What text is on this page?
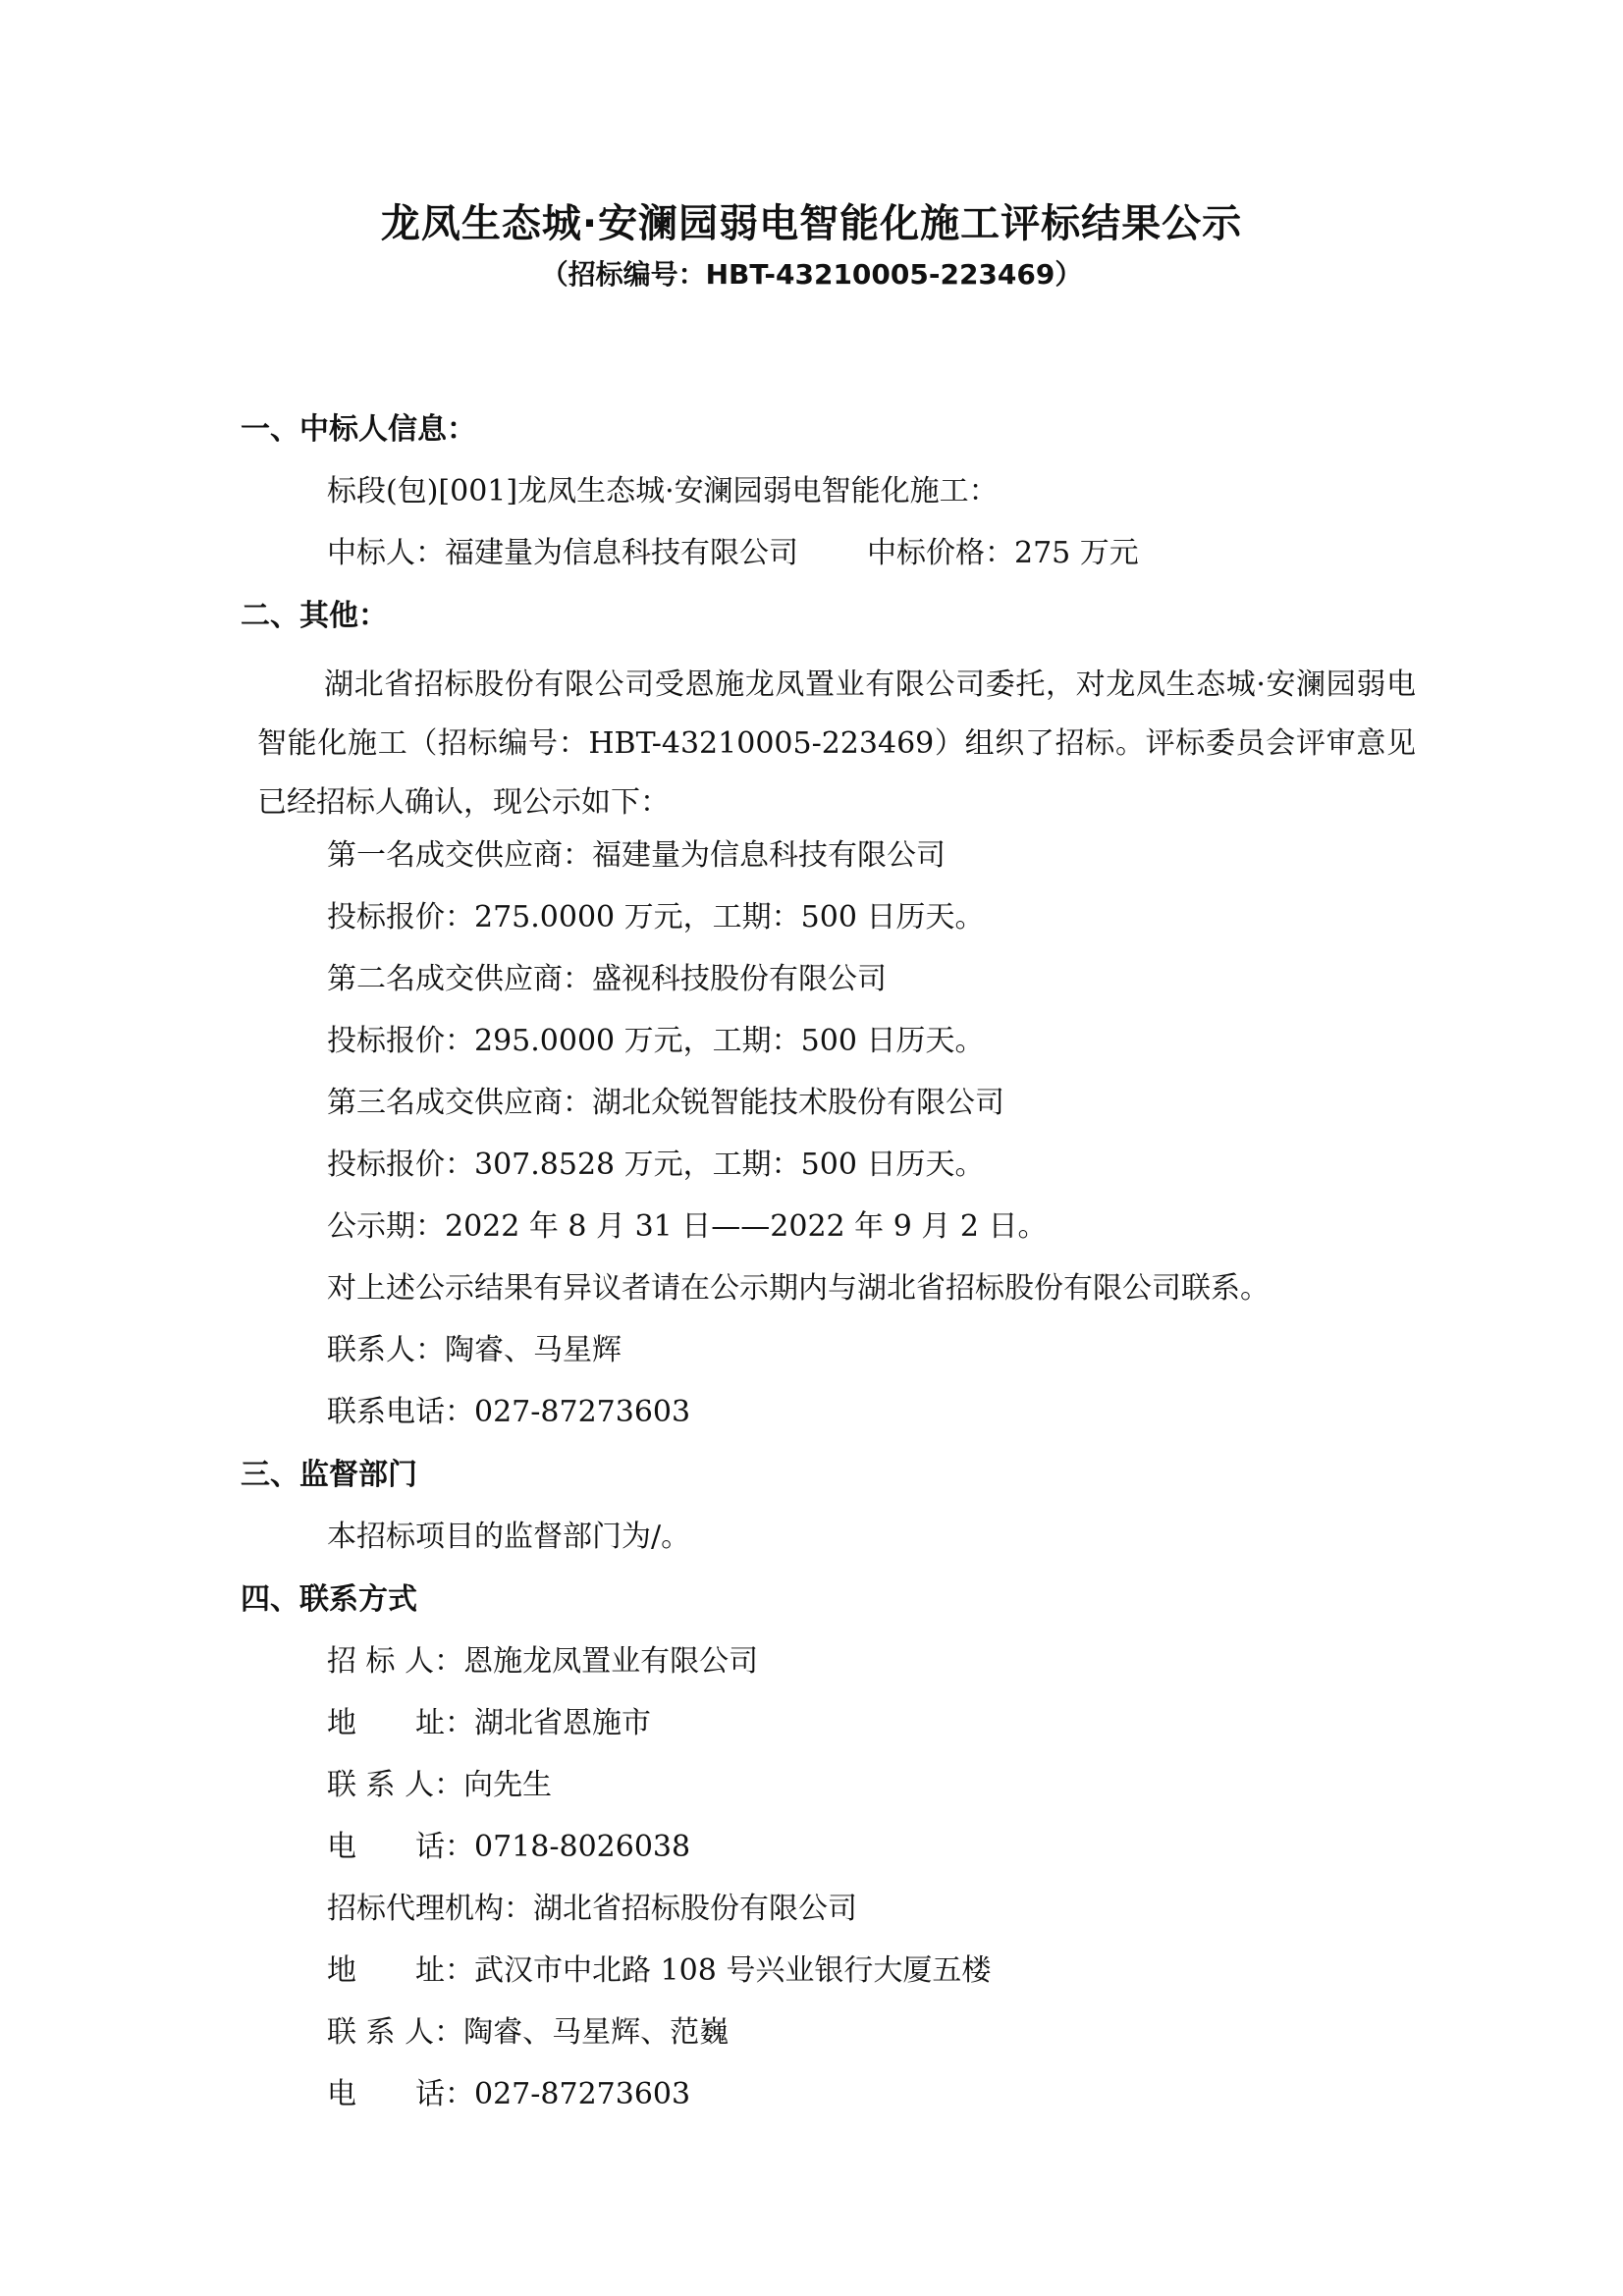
龙凤生态城·安澜园弱电智能化施工评标结果公示
（招标编号：HBT-43210005-223469）
一、中标人信息：
标段(包)[001]龙凤生态城·安澜园弱电智能化施工：
中标人：福建量为信息科技有限公司 中标价格：275 万元
二、其他：

湖北省招标股份有限公司受恩施龙凤置业有限公司委托，对龙凤生态城·安澜园弱电智能化施工（招标编号：HBT-43210005-223469）组织了招标。评标委员会评审意见已经招标人确认，现公示如下：

第一名成交供应商：福建量为信息科技有限公司
投标报价：275.0000 万元，工期：500 日历天。
第二名成交供应商：盛视科技股份有限公司
投标报价：295.0000 万元，工期：500 日历天。
第三名成交供应商：湖北众锐智能技术股份有限公司
投标报价：307.8528 万元，工期：500 日历天。
公示期：2022 年 8 月 31 日——2022 年 9 月 2 日。
对上述公示结果有异议者请在公示期内与湖北省招标股份有限公司联系。
联系人：陶睿、马星辉
联系电话：027-87273603
三、监督部门
本招标项目的监督部门为/。
四、联系方式
招 标 人：恩施龙凤置业有限公司
地　　址：湖北省恩施市
联 系 人：向先生
电　　话：0718-8026038
招标代理机构：湖北省招标股份有限公司
地　　址：武汉市中北路 108 号兴业银行大厦五楼
联 系 人：陶睿、马星辉、范巍
电　　话：027-87273603
